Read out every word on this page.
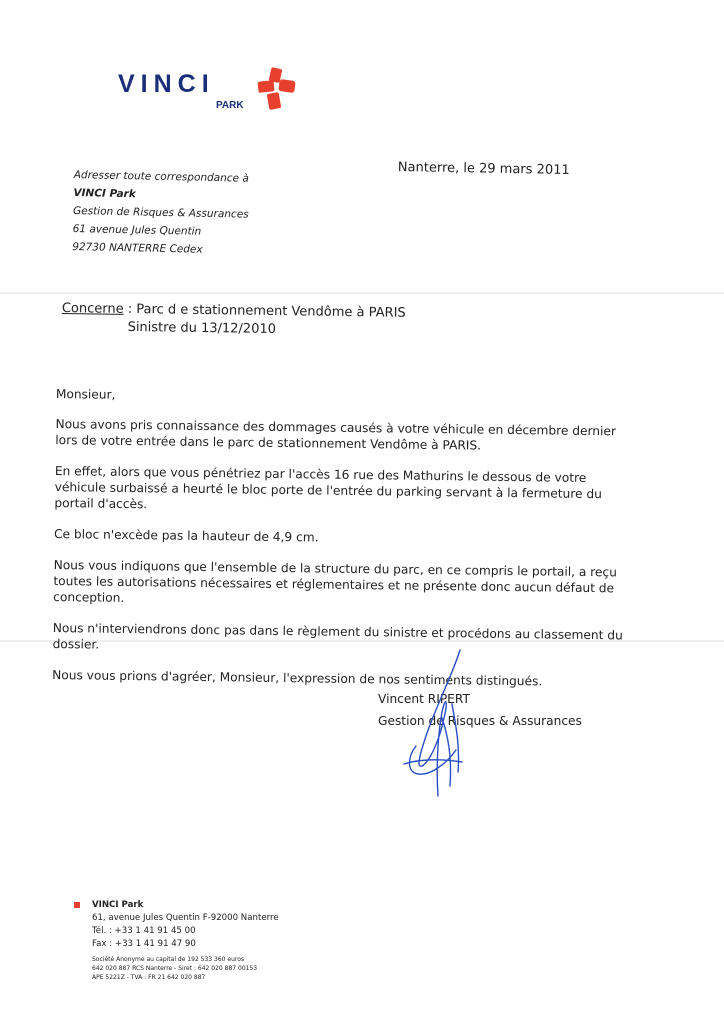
VINCI
PARK
Adresser toute correspondance à
VINCI Park
Gestion de Risques & Assurances
61 avenue Jules Quentin
92730 NANTERRE Cedex
Nanterre, le 29 mars 2011
Concerne : Parc d e stationnement Vendôme à PARIS
Sinistre du 13/12/2010

Monsieur,

Nous avons pris connaissance des dommages causés à votre véhicule en décembre dernier lors de votre entrée dans le parc de stationnement Vendôme à PARIS.

En effet, alors que vous pénétriez par l'accès 16 rue des Mathurins le dessous de votre véhicule surbaissé a heurté le bloc porte de l'entrée du parking servant à la fermeture du portail d'accès.

Ce bloc n'excède pas la hauteur de 4,9 cm.

Nous vous indiquons que l'ensemble de la structure du parc, en ce compris le portail, a reçu toutes les autorisations nécessaires et réglementaires et ne présente donc aucun défaut de conception.

Nous n'interviendrons donc pas dans le règlement du sinistre et procédons au classement du dossier.

Nous vous prions d'agréer, Monsieur, l'expression de nos sentiments distingués.

Vincent RIPERT
Gestion de Risques & Assurances
VINCI Park
61, avenue Jules Quentin F-92000 Nanterre
Tél. : +33 1 41 91 45 00
Fax : +33 1 41 91 47 90
Société Anonyme au capital de 192 533 360 euros
642 020 887 RCS Nanterre - Siret : 642 020 887 00153
APE 5221Z - TVA : FR 21 642 020 887
